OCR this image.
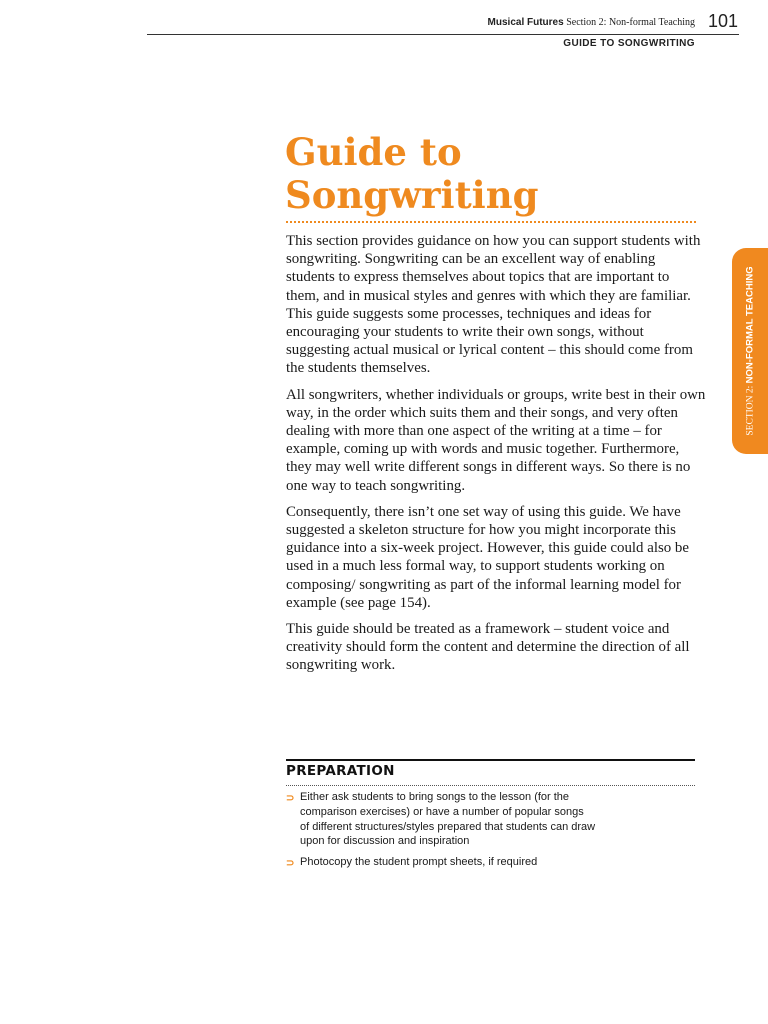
Musical Futures Section 2: Non-formal Teaching 101
GUIDE TO SONGWRITING
SECTION 2: NON-FORMAL TEACHING
Guide to
Songwriting

This section provides guidance on how you can support students with songwriting. Songwriting can be an excellent way of enabling students to express themselves about topics that are important to them, and in musical styles and genres with which they are familiar. This guide suggests some processes, techniques and ideas for encouraging your students to write their own songs, without suggesting actual musical or lyrical content – this should come from the students themselves.

All songwriters, whether individuals or groups, write best in their own way, in the order which suits them and their songs, and very often dealing with more than one aspect of the writing at a time – for example, coming up with words and music together. Furthermore, they may well write different songs in different ways. So there is no one way to teach songwriting.

Consequently, there isn’t one set way of using this guide. We have suggested a skeleton structure for how you might incorporate this guidance into a six-week project. However, this guide could also be used in a much less formal way, to support students working on composing/ songwriting as part of the informal learning model for example (see page 154).

This guide should be treated as a framework – student voice and creativity should form the content and determine the direction of all songwriting work.

PREPARATION
⊃ Either ask students to bring songs to the lesson (for the
comparison exercises) or have a number of popular songs
of different structures/styles prepared that students can draw
upon for discussion and inspiration
⊃ Photocopy the student prompt sheets, if required
